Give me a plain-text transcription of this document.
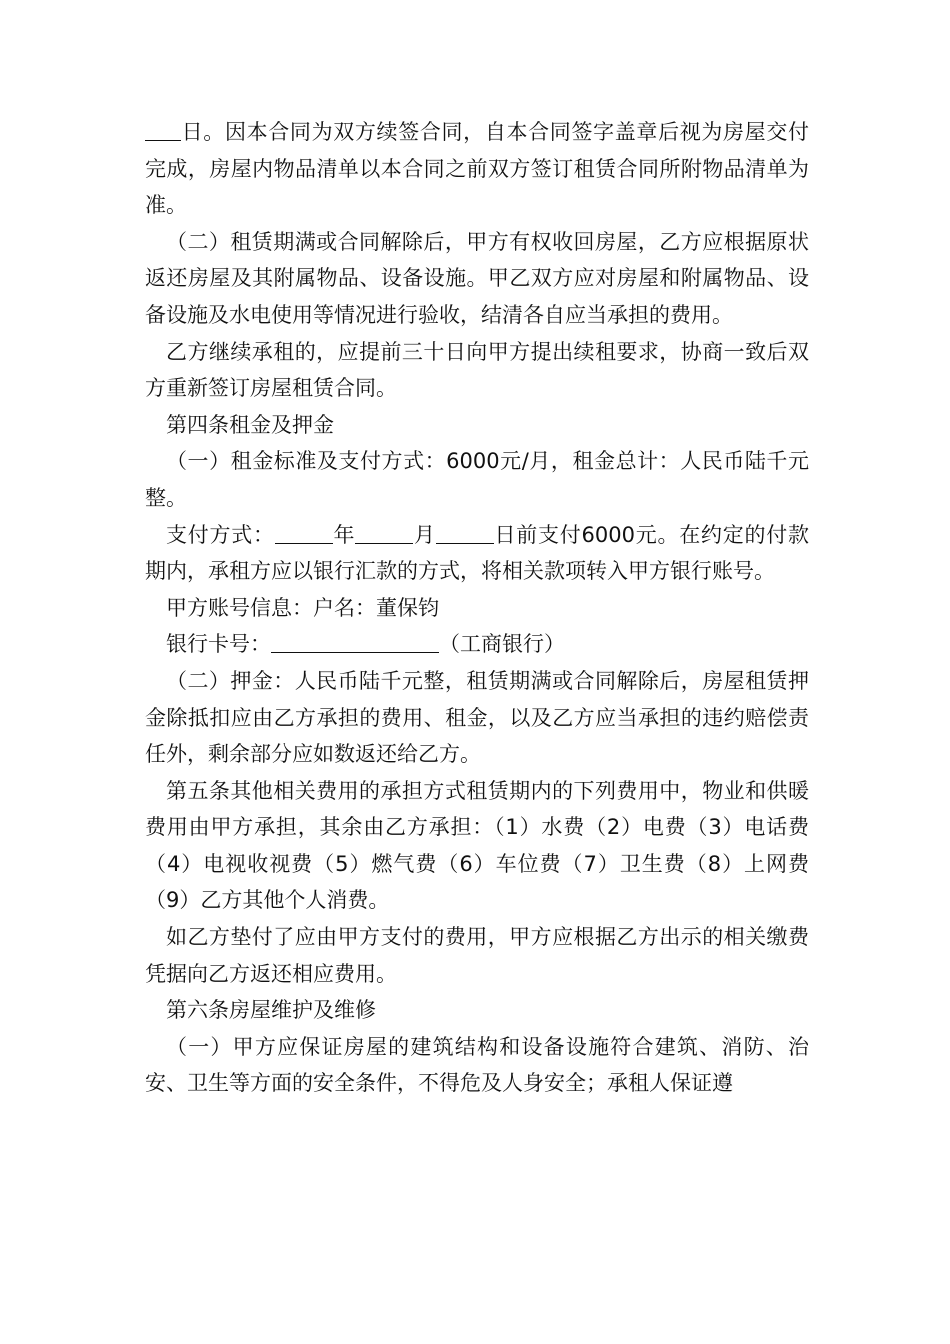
日。因本合同为双方续签合同，自本合同签字盖章后视为房屋交付完成，房屋内物品清单以本合同之前双方签订租赁合同所附物品清单为准。

（二）租赁期满或合同解除后，甲方有权收回房屋，乙方应根据原状返还房屋及其附属物品、设备设施。甲乙双方应对房屋和附属物品、设备设施及水电使用等情况进行验收，结清各自应当承担的费用。

乙方继续承租的，应提前三十日向甲方提出续租要求，协商一致后双方重新签订房屋租赁合同。

第四条租金及押金

（一）租金标准及支付方式：6000元/月，租金总计：人民币陆千元整。

支付方式：	年	月	日前支付6000元。在约定的付款期内，承租方应以银行汇款的方式，将相关款项转入甲方银行账号。

甲方账号信息：户名：董保钧

银行卡号：	（工商银行）

（二）押金：人民币陆千元整，租赁期满或合同解除后，房屋租赁押金除抵扣应由乙方承担的费用、租金，以及乙方应当承担的违约赔偿责任外，剩余部分应如数返还给乙方。

第五条其他相关费用的承担方式租赁期内的下列费用中，物业和供暖费用由甲方承担，其余由乙方承担：（1）水费（2）电费（3）电话费（4）电视收视费（5）燃气费（6）车位费（7）卫生费（8）上网费（9）乙方其他个人消费。

如乙方垫付了应由甲方支付的费用，甲方应根据乙方出示的相关缴费凭据向乙方返还相应费用。

第六条房屋维护及维修

（一）甲方应保证房屋的建筑结构和设备设施符合建筑、消防、治安、卫生等方面的安全条件，不得危及人身安全；承租人保证遵
